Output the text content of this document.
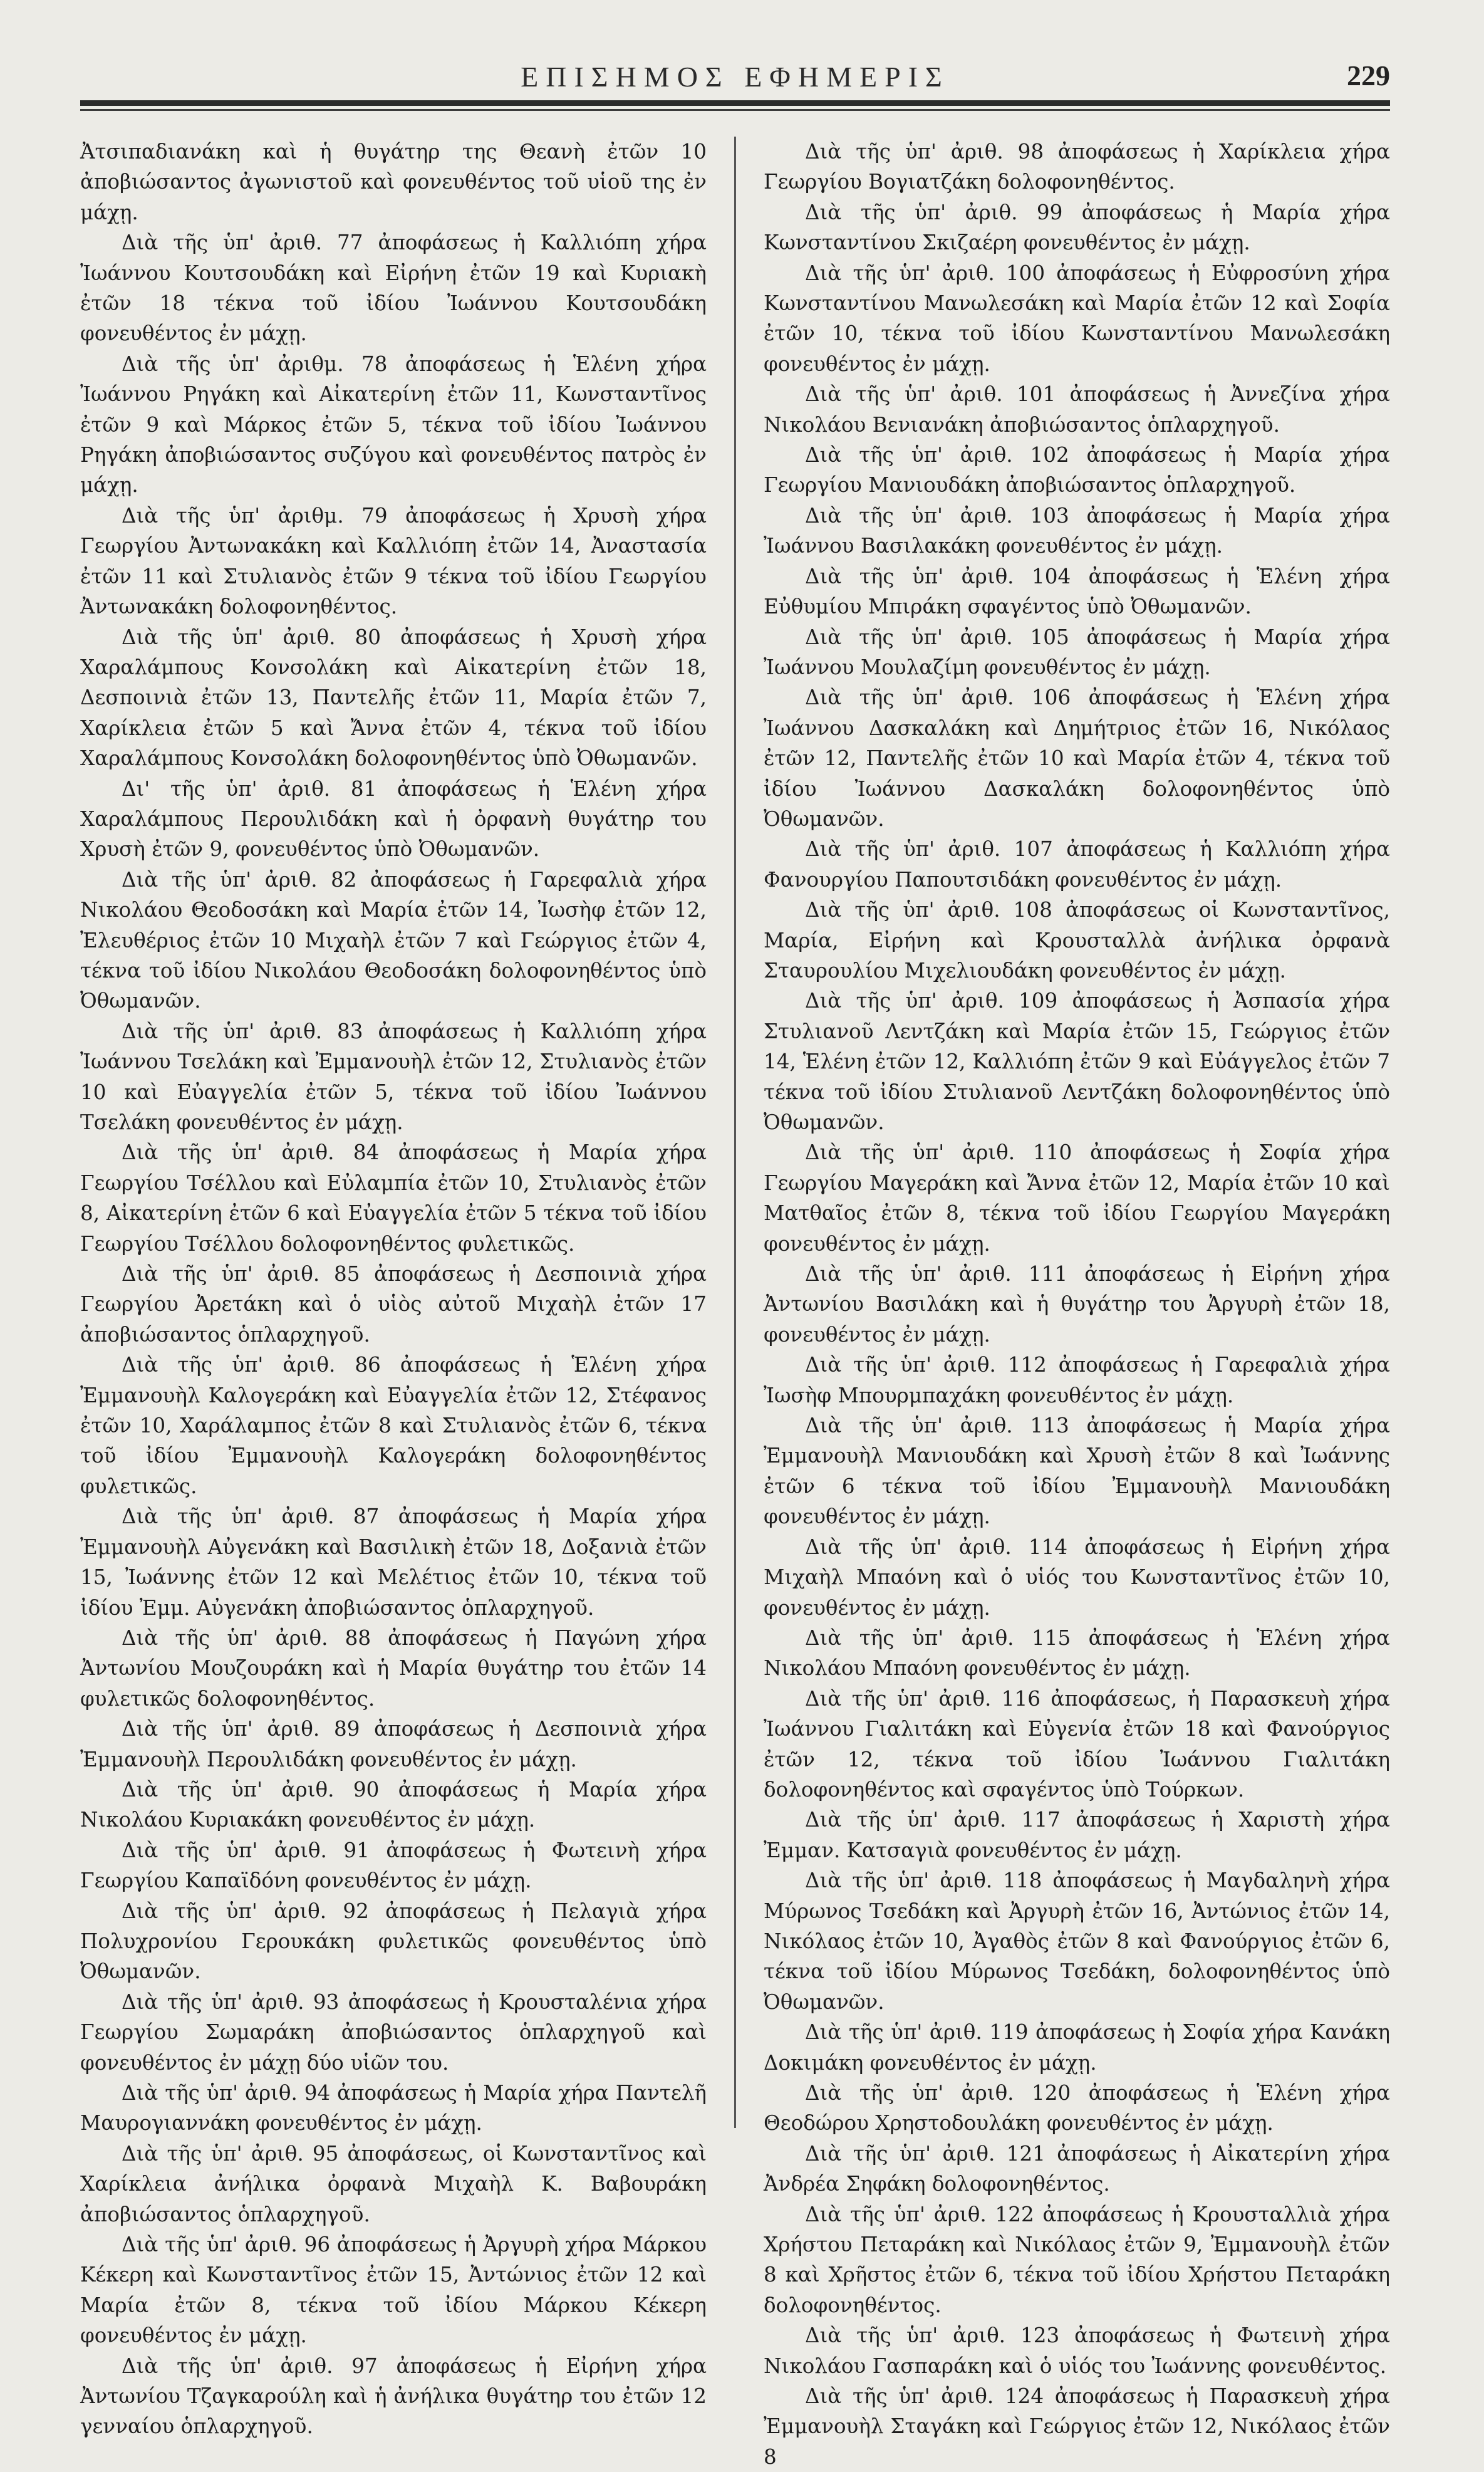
ΕΠΙΣΗΜΟΣ ΕΦΗΜΕΡΙΣ	229

Ἀτσιπαδιανάκη καὶ ἡ θυγάτηρ της Θεανὴ ἐτῶν 10 ἀποβιώσαντος ἀγωνιστοῦ καὶ φονευθέντος τοῦ υἱοῦ της ἐν μάχῃ.

Διὰ τῆς ὑπ' ἀριθ. 77 ἀποφάσεως ἡ Καλλιόπη χήρα Ἰωάννου Κουτσουδάκη καὶ Εἰρήνη ἐτῶν 19 καὶ Κυριακὴ ἐτῶν 18 τέκνα τοῦ ἰδίου Ἰωάννου Κουτσουδάκη φονευθέντος ἐν μάχῃ.

Διὰ τῆς ὑπ' ἀριθμ. 78 ἀποφάσεως ἡ Ἑλένη χήρα Ἰωάννου Ρηγάκη καὶ Αἰκατερίνη ἐτῶν 11, Κωνσταντῖνος ἐτῶν 9 καὶ Μάρκος ἐτῶν 5, τέκνα τοῦ ἰδίου Ἰωάννου Ρηγάκη ἀποβιώσαντος συζύγου καὶ φονευθέντος πατρὸς ἐν μάχῃ.

Διὰ τῆς ὑπ' ἀριθμ. 79 ἀποφάσεως ἡ Χρυσὴ χήρα Γεωργίου Ἀντωνακάκη καὶ Καλλιόπη ἐτῶν 14, Ἀναστασία ἐτῶν 11 καὶ Στυλιανὸς ἐτῶν 9 τέκνα τοῦ ἰδίου Γεωργίου Ἀντωνακάκη δολοφονηθέντος.

Διὰ τῆς ὑπ' ἀριθ. 80 ἀποφάσεως ἡ Χρυσὴ χήρα Χαραλάμπους Κονσολάκη καὶ Αἰκατερίνη ἐτῶν 18, Δεσποινιὰ ἐτῶν 13, Παντελῆς ἐτῶν 11, Μαρία ἐτῶν 7, Χαρίκλεια ἐτῶν 5 καὶ Ἄννα ἐτῶν 4, τέκνα τοῦ ἰδίου Χαραλάμπους Κονσολάκη δολοφονηθέντος ὑπὸ Ὀθωμανῶν.

Δι' τῆς ὑπ' ἀριθ. 81 ἀποφάσεως ἡ Ἑλένη χήρα Χαραλάμπους Περουλιδάκη καὶ ἡ ὀρφανὴ θυγάτηρ του Χρυσὴ ἐτῶν 9, φονευθέντος ὑπὸ Ὀθωμανῶν.

Διὰ τῆς ὑπ' ἀριθ. 82 ἀποφάσεως ἡ Γαρεφαλιὰ χήρα Νικολάου Θεοδοσάκη καὶ Μαρία ἐτῶν 14, Ἰωσὴφ ἐτῶν 12, Ἐλευθέριος ἐτῶν 10 Μιχαὴλ ἐτῶν 7 καὶ Γεώργιος ἐτῶν 4, τέκνα τοῦ ἰδίου Νικολάου Θεοδοσάκη δολοφονηθέντος ὑπὸ Ὀθωμανῶν.

Διὰ τῆς ὑπ' ἀριθ. 83 ἀποφάσεως ἡ Καλλιόπη χήρα Ἰωάννου Τσελάκη καὶ Ἐμμανουὴλ ἐτῶν 12, Στυλιανὸς ἐτῶν 10 καὶ Εὐαγγελία ἐτῶν 5, τέκνα τοῦ ἰδίου Ἰωάννου Τσελάκη φονευθέντος ἐν μάχῃ.

Διὰ τῆς ὑπ' ἀριθ. 84 ἀποφάσεως ἡ Μαρία χήρα Γεωργίου Τσέλλου καὶ Εὐλαμπία ἐτῶν 10, Στυλιανὸς ἐτῶν 8, Αἰκατερίνη ἐτῶν 6 καὶ Εὐαγγελία ἐτῶν 5 τέκνα τοῦ ἰδίου Γεωργίου Τσέλλου δολοφονηθέντος φυλετικῶς.

Διὰ τῆς ὑπ' ἀριθ. 85 ἀποφάσεως ἡ Δεσποινιὰ χήρα Γεωργίου Ἀρετάκη καὶ ὁ υἱὸς αὐτοῦ Μιχαὴλ ἐτῶν 17 ἀποβιώσαντος ὁπλαρχηγοῦ.

Διὰ τῆς ὑπ' ἀριθ. 86 ἀποφάσεως ἡ Ἑλένη χήρα Ἐμμανουὴλ Καλογεράκη καὶ Εὐαγγελία ἐτῶν 12, Στέφανος ἐτῶν 10, Χαράλαμπος ἐτῶν 8 καὶ Στυλιανὸς ἐτῶν 6, τέκνα τοῦ ἰδίου Ἐμμανουὴλ Καλογεράκη δολοφονηθέντος φυλετικῶς.

Διὰ τῆς ὑπ' ἀριθ. 87 ἀποφάσεως ἡ Μαρία χήρα Ἐμμανουὴλ Αὐγενάκη καὶ Βασιλικὴ ἐτῶν 18, Δοξανιὰ ἐτῶν 15, Ἰωάννης ἐτῶν 12 καὶ Μελέτιος ἐτῶν 10, τέκνα τοῦ ἰδίου Ἐμμ. Αὐγενάκη ἀποβιώσαντος ὁπλαρχηγοῦ.

Διὰ τῆς ὑπ' ἀριθ. 88 ἀποφάσεως ἡ Παγώνη χήρα Ἀντωνίου Μουζουράκη καὶ ἡ Μαρία θυγάτηρ του ἐτῶν 14 φυλετικῶς δολοφονηθέντος.

Διὰ τῆς ὑπ' ἀριθ. 89 ἀποφάσεως ἡ Δεσποινιὰ χήρα Ἐμμανουὴλ Περουλιδάκη φονευθέντος ἐν μάχῃ.

Διὰ τῆς ὑπ' ἀριθ. 90 ἀποφάσεως ἡ Μαρία χήρα Νικολάου Κυριακάκη φονευθέντος ἐν μάχῃ.

Διὰ τῆς ὑπ' ἀριθ. 91 ἀποφάσεως ἡ Φωτεινὴ χήρα Γεωργίου Καπαϊδόνη φονευθέντος ἐν μάχῃ.

Διὰ τῆς ὑπ' ἀριθ. 92 ἀποφάσεως ἡ Πελαγιὰ χήρα Πολυχρονίου Γερουκάκη φυλετικῶς φονευθέντος ὑπὸ Ὀθωμανῶν.

Διὰ τῆς ὑπ' ἀριθ. 93 ἀποφάσεως ἡ Κρουσταλένια χήρα Γεωργίου Σωμαράκη ἀποβιώσαντος ὁπλαρχηγοῦ καὶ φονευθέντος ἐν μάχῃ δύο υἱῶν του.

Διὰ τῆς ὑπ' ἀριθ. 94 ἀποφάσεως ἡ Μαρία χήρα Παντελῆ Μαυρογιαννάκη φονευθέντος ἐν μάχῃ.

Διὰ τῆς ὑπ' ἀριθ. 95 ἀποφάσεως, οἱ Κωνσταντῖνος καὶ Χαρίκλεια ἀνήλικα ὀρφανὰ Μιχαὴλ Κ. Βαβουράκη ἀποβιώσαντος ὁπλαρχηγοῦ.

Διὰ τῆς ὑπ' ἀριθ. 96 ἀποφάσεως ἡ Ἀργυρὴ χήρα Μάρκου Κέκερη καὶ Κωνσταντῖνος ἐτῶν 15, Ἀντώνιος ἐτῶν 12 καὶ Μαρία ἐτῶν 8, τέκνα τοῦ ἰδίου Μάρκου Κέκερη φονευθέντος ἐν μάχῃ.

Διὰ τῆς ὑπ' ἀριθ. 97 ἀποφάσεως ἡ Εἰρήνη χήρα Ἀντωνίου Τζαγκαρούλη καὶ ἡ ἀνήλικα θυγάτηρ του ἐτῶν 12 γενναίου ὁπλαρχηγοῦ.

Διὰ τῆς ὑπ' ἀριθ. 98 ἀποφάσεως ἡ Χαρίκλεια χήρα Γεωργίου Βογιατζάκη δολοφονηθέντος.

Διὰ τῆς ὑπ' ἀριθ. 99 ἀποφάσεως ἡ Μαρία χήρα Κωνσταντίνου Σκιζαέρη φονευθέντος ἐν μάχῃ.

Διὰ τῆς ὑπ' ἀριθ. 100 ἀποφάσεως ἡ Εὐφροσύνη χήρα Κωνσταντίνου Μανωλεσάκη καὶ Μαρία ἐτῶν 12 καὶ Σοφία ἐτῶν 10, τέκνα τοῦ ἰδίου Κωνσταντίνου Μανωλεσάκη φονευθέντος ἐν μάχῃ.

Διὰ τῆς ὑπ' ἀριθ. 101 ἀποφάσεως ἡ Ἀννεζίνα χήρα Νικολάου Βενιανάκη ἀποβιώσαντος ὁπλαρχηγοῦ.

Διὰ τῆς ὑπ' ἀριθ. 102 ἀποφάσεως ἡ Μαρία χήρα Γεωργίου Μανιουδάκη ἀποβιώσαντος ὁπλαρχηγοῦ.

Διὰ τῆς ὑπ' ἀριθ. 103 ἀποφάσεως ἡ Μαρία χήρα Ἰωάννου Βασιλακάκη φονευθέντος ἐν μάχῃ.

Διὰ τῆς ὑπ' ἀριθ. 104 ἀποφάσεως ἡ Ἑλένη χήρα Εὐθυμίου Μπιράκη σφαγέντος ὑπὸ Ὀθωμανῶν.

Διὰ τῆς ὑπ' ἀριθ. 105 ἀποφάσεως ἡ Μαρία χήρα Ἰωάννου Μουλαζίμη φονευθέντος ἐν μάχῃ.

Διὰ τῆς ὑπ' ἀριθ. 106 ἀποφάσεως ἡ Ἑλένη χήρα Ἰωάννου Δασκαλάκη καὶ Δημήτριος ἐτῶν 16, Νικόλαος ἐτῶν 12, Παντελῆς ἐτῶν 10 καὶ Μαρία ἐτῶν 4, τέκνα τοῦ ἰδίου Ἰωάννου Δασκαλάκη δολοφονηθέντος ὑπὸ Ὀθωμανῶν.

Διὰ τῆς ὑπ' ἀριθ. 107 ἀποφάσεως ἡ Καλλιόπη χήρα Φανουργίου Παπουτσιδάκη φονευθέντος ἐν μάχῃ.

Διὰ τῆς ὑπ' ἀριθ. 108 ἀποφάσεως οἱ Κωνσταντῖνος, Μαρία, Εἰρήνη καὶ Κρουσταλλὰ ἀνήλικα ὀρφανὰ Σταυρουλίου Μιχελιουδάκη φονευθέντος ἐν μάχῃ.

Διὰ τῆς ὑπ' ἀριθ. 109 ἀποφάσεως ἡ Ἀσπασία χήρα Στυλιανοῦ Λεντζάκη καὶ Μαρία ἐτῶν 15, Γεώργιος ἐτῶν 14, Ἑλένη ἐτῶν 12, Καλλιόπη ἐτῶν 9 καὶ Εὐάγγελος ἐτῶν 7 τέκνα τοῦ ἰδίου Στυλιανοῦ Λεντζάκη δολοφονηθέντος ὑπὸ Ὀθωμανῶν.

Διὰ τῆς ὑπ' ἀριθ. 110 ἀποφάσεως ἡ Σοφία χήρα Γεωργίου Μαγεράκη καὶ Ἄννα ἐτῶν 12, Μαρία ἐτῶν 10 καὶ Ματθαῖος ἐτῶν 8, τέκνα τοῦ ἰδίου Γεωργίου Μαγεράκη φονευθέντος ἐν μάχῃ.

Διὰ τῆς ὑπ' ἀριθ. 111 ἀποφάσεως ἡ Εἰρήνη χήρα Ἀντωνίου Βασιλάκη καὶ ἡ θυγάτηρ του Ἀργυρὴ ἐτῶν 18, φονευθέντος ἐν μάχῃ.

Διὰ τῆς ὑπ' ἀριθ. 112 ἀποφάσεως ἡ Γαρεφαλιὰ χήρα Ἰωσὴφ Μπουρμπαχάκη φονευθέντος ἐν μάχῃ.

Διὰ τῆς ὑπ' ἀριθ. 113 ἀποφάσεως ἡ Μαρία χήρα Ἐμμανουὴλ Μανιουδάκη καὶ Χρυσὴ ἐτῶν 8 καὶ Ἰωάννης ἐτῶν 6 τέκνα τοῦ ἰδίου Ἐμμανουὴλ Μανιουδάκη φονευθέντος ἐν μάχῃ.

Διὰ τῆς ὑπ' ἀριθ. 114 ἀποφάσεως ἡ Εἰρήνη χήρα Μιχαὴλ Μπαόνη καὶ ὁ υἱός του Κωνσταντῖνος ἐτῶν 10, φονευθέντος ἐν μάχῃ.

Διὰ τῆς ὑπ' ἀριθ. 115 ἀποφάσεως ἡ Ἑλένη χήρα Νικολάου Μπαόνη φονευθέντος ἐν μάχῃ.

Διὰ τῆς ὑπ' ἀριθ. 116 ἀποφάσεως, ἡ Παρασκευὴ χήρα Ἰωάννου Γιαλιτάκη καὶ Εὐγενία ἐτῶν 18 καὶ Φανούργιος ἐτῶν 12, τέκνα τοῦ ἰδίου Ἰωάννου Γιαλιτάκη δολοφονηθέντος καὶ σφαγέντος ὑπὸ Τούρκων.

Διὰ τῆς ὑπ' ἀριθ. 117 ἀποφάσεως ἡ Χαριστὴ χήρα Ἐμμαν. Κατσαγιὰ φονευθέντος ἐν μάχῃ.

Διὰ τῆς ὑπ' ἀριθ. 118 ἀποφάσεως ἡ Μαγδαληνὴ χήρα Μύρωνος Τσεδάκη καὶ Ἀργυρὴ ἐτῶν 16, Ἀντώνιος ἐτῶν 14, Νικόλαος ἐτῶν 10, Ἀγαθὸς ἐτῶν 8 καὶ Φανούργιος ἐτῶν 6, τέκνα τοῦ ἰδίου Μύρωνος Τσεδάκη, δολοφονηθέντος ὑπὸ Ὀθωμανῶν.

Διὰ τῆς ὑπ' ἀριθ. 119 ἀποφάσεως ἡ Σοφία χήρα Κανάκη Δοκιμάκη φονευθέντος ἐν μάχῃ.

Διὰ τῆς ὑπ' ἀριθ. 120 ἀποφάσεως ἡ Ἑλένη χήρα Θεοδώρου Χρηστοδουλάκη φονευθέντος ἐν μάχῃ.

Διὰ τῆς ὑπ' ἀριθ. 121 ἀποφάσεως ἡ Αἰκατερίνη χήρα Ἀνδρέα Σηφάκη δολοφονηθέντος.

Διὰ τῆς ὑπ' ἀριθ. 122 ἀποφάσεως ἡ Κρουσταλλιὰ χήρα Χρήστου Πεταράκη καὶ Νικόλαος ἐτῶν 9, Ἐμμανουὴλ ἐτῶν 8 καὶ Χρῆστος ἐτῶν 6, τέκνα τοῦ ἰδίου Χρήστου Πεταράκη δολοφονηθέντος.

Διὰ τῆς ὑπ' ἀριθ. 123 ἀποφάσεως ἡ Φωτεινὴ χήρα Νικολάου Γασπαράκη καὶ ὁ υἱός του Ἰωάννης φονευθέντος.

Διὰ τῆς ὑπ' ἀριθ. 124 ἀποφάσεως ἡ Παρασκευὴ χήρα Ἐμμανουὴλ Σταγάκη καὶ Γεώργιος ἐτῶν 12, Νικόλαος ἐτῶν 8
